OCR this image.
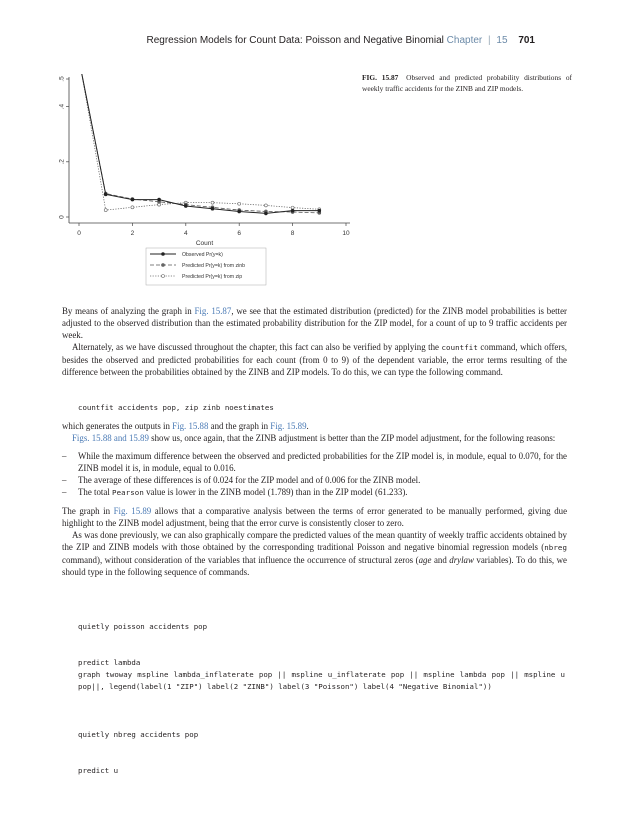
Regression Models for Count Data: Poisson and Negative Binomial Chapter | 15 701
0	2	4	6	8	10
0
.2
.4
.5
Count
Observed Pr(y=k)
Predicted Pr(y=k) from zinb
Predicted Pr(y=k) from zip
FIG. 15.87 Observed and predicted probability distributions of weekly traffic accidents for the ZINB and ZIP models.

By means of analyzing the graph in Fig. 15.87, we see that the estimated distribution (predicted) for the ZINB model probabilities is better adjusted to the observed distribution than the estimated probability distribution for the ZIP model, for a count of up to 9 traffic accidents per week.

Alternately, as we have discussed throughout the chapter, this fact can also be verified by applying the countfit command, which offers, besides the observed and predicted probabilities for each count (from 0 to 9) of the dependent variable, the error terms resulting of the difference between the probabilities obtained by the ZINB and ZIP models. To do this, we can type the following command.

countfit accidents pop, zip zinb noestimates

which generates the outputs in Fig. 15.88 and the graph in Fig. 15.89.

Figs. 15.88 and 15.89 show us, once again, that the ZINB adjustment is better than the ZIP model adjustment, for the following reasons:

– While the maximum difference between the observed and predicted probabilities for the ZIP model is, in module, equal to 0.070, for the ZINB model it is, in module, equal to 0.016.
– The average of these differences is of 0.024 for the ZIP model and of 0.006 for the ZINB model.
– The total Pearson value is lower in the ZINB model (1.789) than in the ZIP model (61.233).

The graph in Fig. 15.89 allows that a comparative analysis between the terms of error generated to be manually performed, giving due highlight to the ZINB model adjustment, being that the error curve is consistently closer to zero.

As was done previously, we can also graphically compare the predicted values of the mean quantity of weekly traffic accidents obtained by the ZIP and ZINB models with those obtained by the corresponding traditional Poisson and negative binomial regression models (nbreg command), without consideration of the variables that influence the occurrence of structural zeros (age and drylaw variables). To do this, we should type in the following sequence of commands.

quietly poisson accidents pop

predict lambda

quietly nbreg accidents pop

predict u

graph twoway mspline lambda_inflaterate pop || mspline u_inflaterate pop || mspline lambda pop || mspline u pop||, legend(label(1 "ZIP") label(2 "ZINB") label(3 "Poisson") label(4 "Negative Binomial"))
